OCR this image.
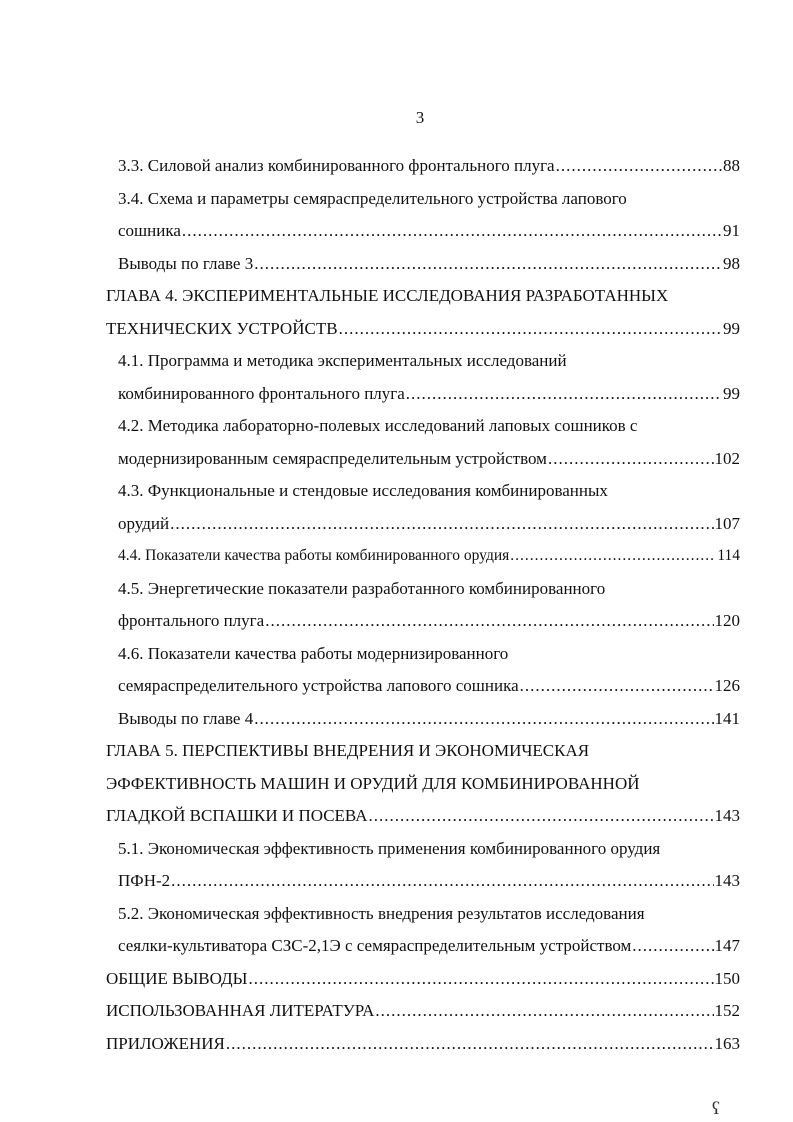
3
3.3. Силовой анализ комбинированного фронтального плуга .....	88
3.4. Схема и параметры семяраспределительного устройства лапового
сошника .....	91
Выводы по главе 3 .....	98
ГЛАВА 4. ЭКСПЕРИМЕНТАЛЬНЫЕ ИССЛЕДОВАНИЯ РАЗРАБОТАННЫХ
ТЕХНИЧЕСКИХ УСТРОЙСТВ .....	99
4.1. Программа и методика экспериментальных исследований
комбинированного фронтального плуга .....	99
4.2. Методика лабораторно-полевых исследований лаповых сошников с
модернизированным семяраспределительным устройством .....	102
4.3. Функциональные и стендовые исследования комбинированных
орудий .....	107
4.4. Показатели качества работы комбинированного орудия .....	114
4.5. Энергетические показатели разработанного комбинированного
фронтального плуга .....	120
4.6. Показатели качества работы модернизированного
семяраспределительного устройства лапового сошника .....	126
Выводы по главе 4 .....	141
ГЛАВА 5. ПЕРСПЕКТИВЫ ВНЕДРЕНИЯ И ЭКОНОМИЧЕСКАЯ
ЭФФЕКТИВНОСТЬ МАШИН И ОРУДИЙ ДЛЯ КОМБИНИРОВАННОЙ
ГЛАДКОЙ ВСПАШКИ И ПОСЕВА .....	143
5.1. Экономическая эффективность применения комбинированного орудия
ПФН-2 .....	143
5.2. Экономическая эффективность внедрения результатов исследования
сеялки-культиватора СЗС-2,1Э с семяраспределительным устройством .....	147
ОБЩИЕ ВЫВОДЫ .....	150
ИСПОЛЬЗОВАННАЯ ЛИТЕРАТУРА .....	152
ПРИЛОЖЕНИЯ .....	163
ʕ
